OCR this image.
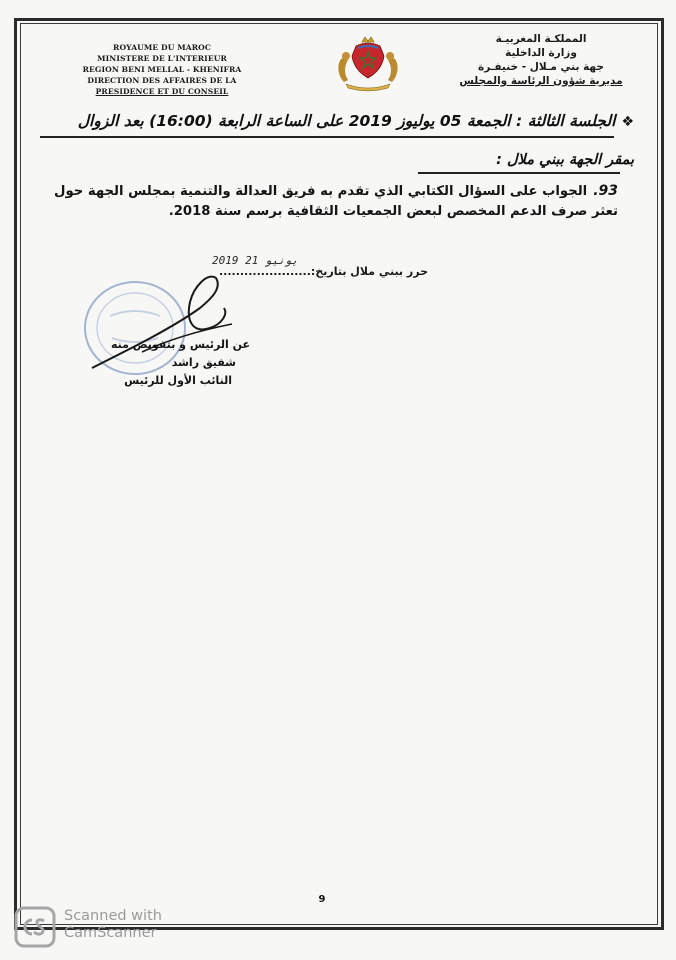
ROYAUME DU MAROC
MINISTERE DE L'INTERIEUR
REGION BENI MELLAL - KHENIFRA
DIRECTION DES AFFAIRES DE LA
PRESIDENCE ET DU CONSEIL
المملكـة المغربيـة
وزارة الداخلية
جهة بني مـلال - خنيفـرة
مديرية شؤون الرئاسة والمجلس
❖الجلسة الثالثة : الجمعة 05 يوليوز 2019 على الساعة الرابعة (16:00) بعد الزوال
بمقر الجهة ببني ملال :
93.الجواب على السؤال الكتابي الذي تقدم به فريق العدالة والتنمية بمجلس الجهة حول
تعثر صرف الدعم المخصص لبعض الجمعيات الثقافية برسم سنة 2018.
2019 يونيو 21
حرر ببني ملال بتاريخ:......................
عن الرئيس و بتفويض منه
شفيق راشد
النائب الأول للرئيس
9
Scanned with
CamScanner
